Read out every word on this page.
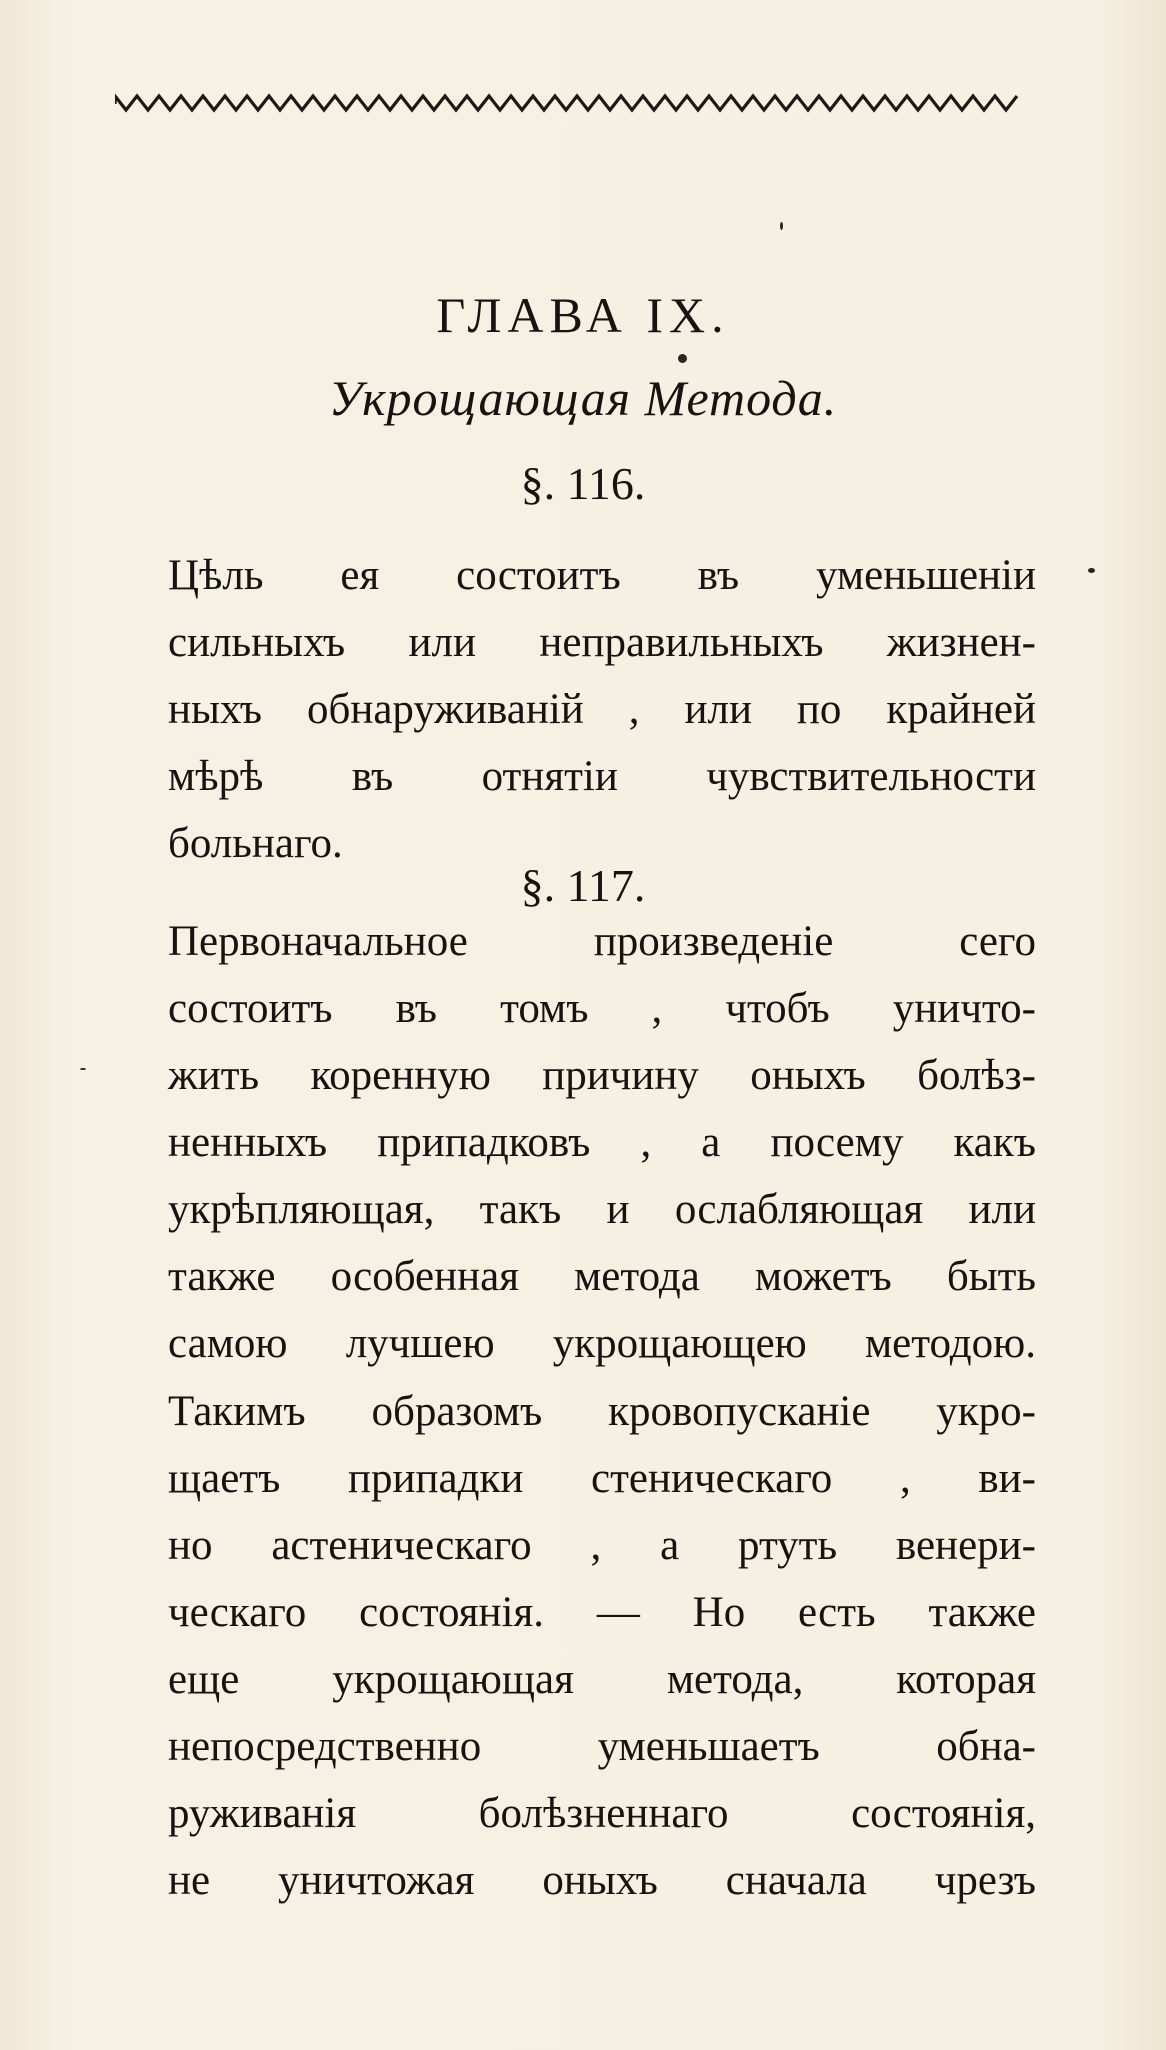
ГЛАВА IX.
Укрощающая Метода.
§. 116.
Цѣль ея состоитъ въ уменьшеніи
сильныхъ или неправильныхъ жизнен-
ныхъ обнаруживаній , или по крайней
мѣрѣ въ отнятіи чувствительности
больнаго.
§. 117.
Первоначальное произведеніе сего
состоитъ въ томъ , чтобъ уничто-
жить коренную причину оныхъ болѣз-
ненныхъ припадковъ , а посему какъ
укрѣпляющая, такъ и ослабляющая или
также особенная метода можетъ быть
самою лучшею укрощающею методою.
Такимъ образомъ кровопусканіе укро-
щаетъ припадки стеническаго , ви-
но астеническаго , а ртуть венери-
ческаго состоянія. — Но есть также
еще укрощающая метода, которая
непосредственно уменьшаетъ обна-
руживанія болѣзненнаго состоянія,
не уничтожая оныхъ сначала чрезъ
